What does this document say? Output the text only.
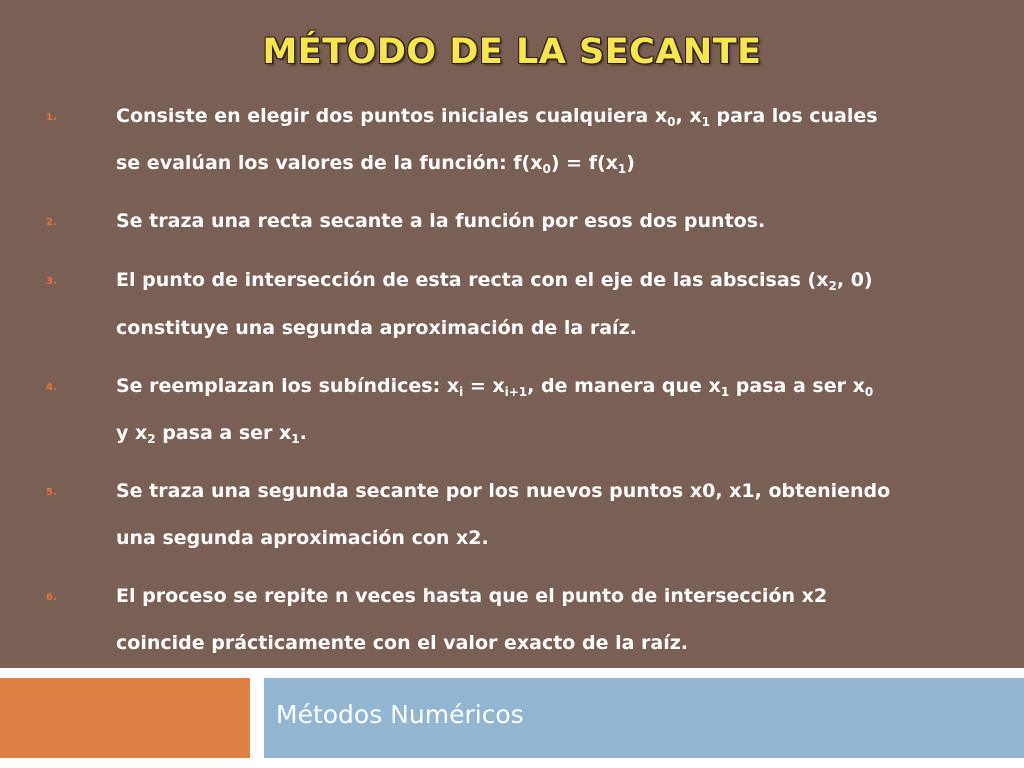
MÉTODO DE LA SECANTE
1.	Consiste en elegir dos puntos iniciales cualquiera $x_0$, $x_1$ para los cuales
se evalúan los valores de la función: $f(x_0) = f(x_1)$
2.	Se traza una recta secante a la función por esos dos puntos.
3.	El punto de intersección de esta recta con el eje de las abscisas ($x_2$, 0)
constituye una segunda aproximación de la raíz.
4.	Se reemplazan los subíndices: $x_i = x_{i+1}$, de manera que $x_1$ pasa a ser $x_0$
y $x_2$ pasa a ser $x_1$.
5.	Se traza una segunda secante por los nuevos puntos x0, x1, obteniendo
una segunda aproximación con x2.
6.	El proceso se repite n veces hasta que el punto de intersección x2
coincide prácticamente con el valor exacto de la raíz.
Métodos Numéricos
